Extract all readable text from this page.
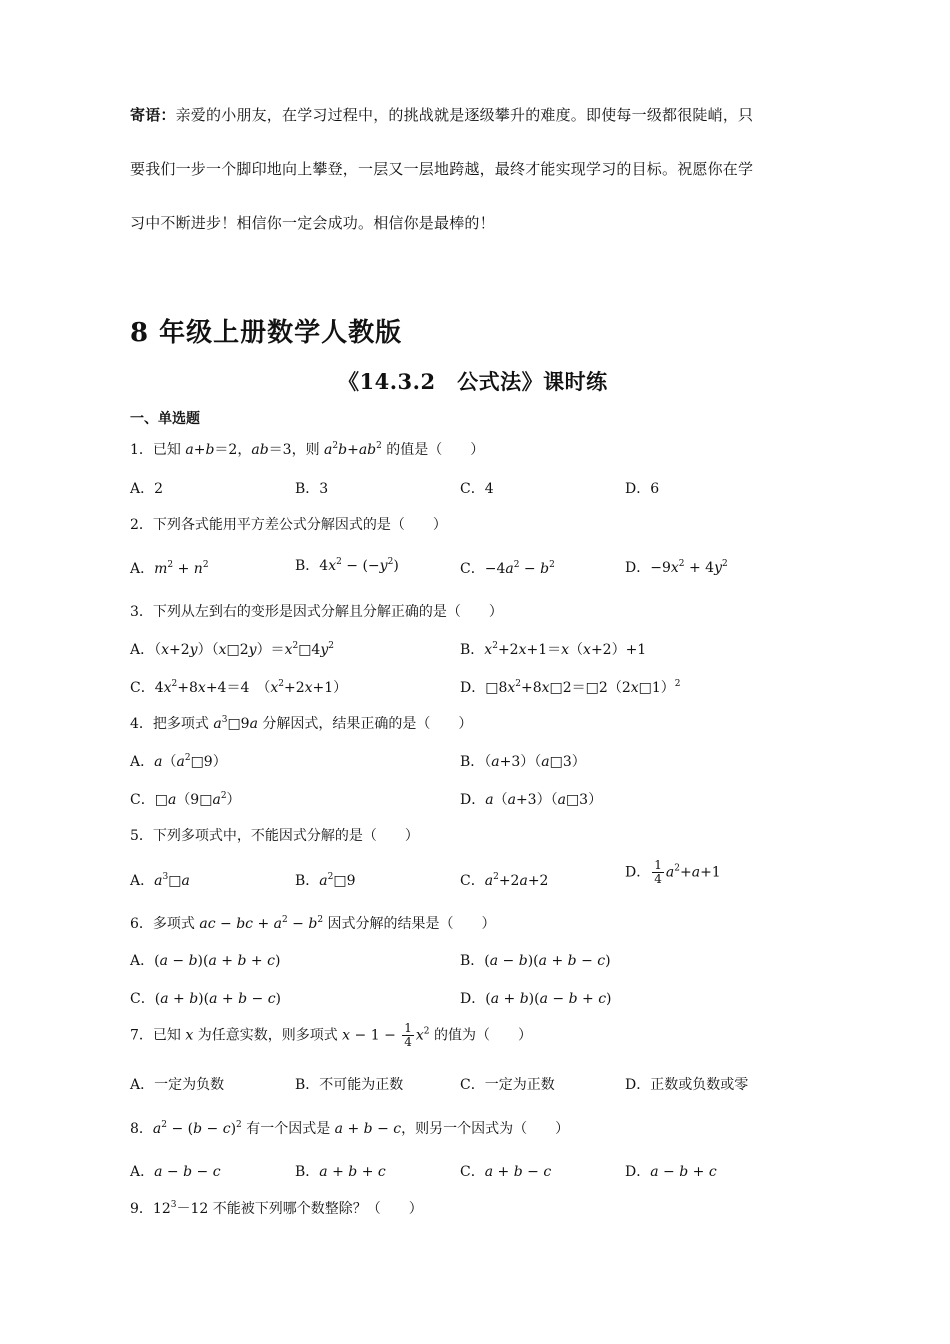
寄语：亲爱的小朋友，在学习过程中，的挑战就是逐级攀升的难度。即使每一级都很陡峭，只
要我们一步一个脚印地向上攀登，一层又一层地跨越，最终才能实现学习的目标。祝愿你在学
习中不断进步！相信你一定会成功。相信你是最棒的！
8 年级上册数学人教版
《14.3.2　公式法》课时练
一、单选题
1．已知 a+b＝2，ab＝3，则 $a^2b+ab^2$ 的值是（　　）
A．2	B．3	C．4	D．6
2．下列各式能用平方差公式分解因式的是（　　）
A．$m^2 + n^2$	B．$4x^2 - (-y^2)$	C．$-4a^2 - b^2$	D．$-9x^2 + 4y^2$
3．下列从左到右的变形是因式分解且分解正确的是（　　）
A．$(x+2y)(x□2y)=x^2□4y^2$	B．$x^2+2x+1=x(x+2)+1$
C．$4x^2+8x+4=4$　$(x^2+2x+1)$	D．$□8x^2+8x□2=□2(2x□1)^2$
4．把多项式 $a^3□9a$ 分解因式，结果正确的是（　　）
A．$a(a^2□9)$	B．（a+3）（a□3）
C．$□a(9□a^2)$	D．a（a+3）（a□3）
5．下列多项式中，不能因式分解的是（　　）
A．$a^3□a$	B．$a^2□9$	C．$a^2+2a+2$
D． $\frac{1}{4} a^2+a+1$
6．多项式 ac − bc + $a^2 - b^2$ 因式分解的结果是（　　）
A．(a − b)(a + b + c)	B．(a − b)(a + b − c)
C．(a + b)(a + b − c)	D．(a + b)(a − b + c)
7．已知 x 为任意实数，则多项式 $x - 1 - \frac{1}{4} x^2$ 的值为（　　）
A．一定为负数	B．不可能为正数	C．一定为正数	D．正数或负数或零
8．$a^2 - (b - c)^2$ 有一个因式是 a + b − c，则另一个因式为（　　）
A．a − b − c	B．a + b + c	C．a + b − c	D．a − b + c
9．$12^3-12$ 不能被下列哪个数整除？（　　）
